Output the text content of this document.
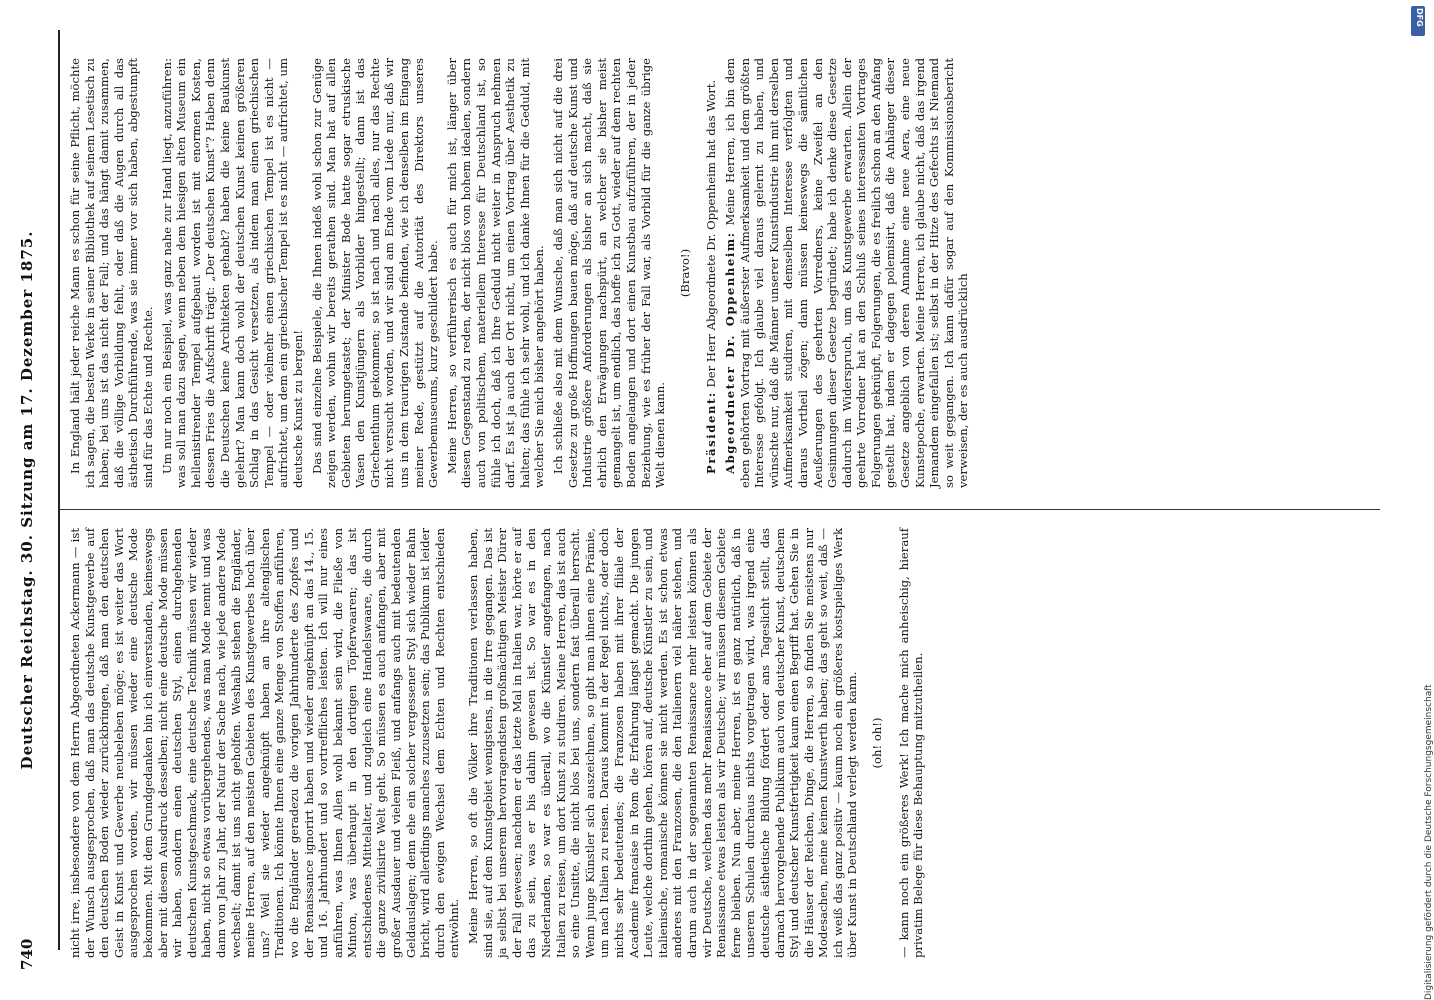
740
Deutscher Reichstag. 30. Sitzung am 17. Dezember 1875.	nicht irre, insbesondere von dem Herrn Abgeordneten Ackermann — ist der Wunsch ausgesprochen, daß man das deutsche Kunstgewerbe auf den deutschen Boden wieder zurückbringen, daß man den deutschen Geist in Kunst und Gewerbe neubeleben möge; es ist weiter das Wort ausgesprochen worden, wir müssen wieder eine deutsche Mode bekommen. Mit dem Grundgedanken bin ich einverstanden, keineswegs aber mit diesem Ausdruck desselben; nicht eine deutsche Mode müssen wir haben, sondern einen deutschen Styl, einen durchgehenden deutschen Kunstgeschmack, eine deutsche Technik müssen wir wieder haben, nicht so etwas vorübergehendes, was man Mode nennt und was dann von Jahr zu Jahr, der Natur der Sache nach, wie jede andere Mode wechselt; damit ist uns nicht geholfen. Weshalb stehen die Engländer, meine Herren, auf den meisten Gebieten des Kunstgewerbes hoch über uns? Weil sie wieder angeknüpft haben an ihre altenglischen Traditionen. Ich könnte Ihnen eine ganze Menge von Stoffen anführen, wo die Engländer geradezu die vorigen Jahrhunderte des Zopfes und der Renaissance ignorirt haben und wieder angeknüpft an das 14., 15. und 16. Jahrhundert und so vortreffliches leisten. Ich will nur eines anführen, was Ihnen Allen wohl bekannt sein wird, die Fließe von Minton, was überhaupt in den dortigen Töpferwaaren; das ist entschiedenes Mittelalter, und zugleich eine Handelswaare, die durch die ganze zivilisirte Welt geht. So müssen es auch anfangen, aber mit großer Ausdauer und vielem Fleiß, und anfangs auch mit bedeutenden Geldauslagen; denn ehe ein solcher vergessener Styl sich wieder Bahn bricht, wird allerdings manches zuzusetzen sein; das Publikum ist leider durch den ewigen Wechsel dem Echten und Rechten entschieden entwöhnt. Meine Herren, so oft die Völker ihre Traditionen verlassen haben, sind sie, auf dem Kunstgebiet wenigstens, in die Irre gegangen. Das ist ja selbst bei unserem hervorragendsten großmächtigen Meister Dürer der Fall gewesen; nachdem er das letzte Mal in Italien war, hörte er auf das zu sein, was er bis dahin gewesen ist. So war es in den Niederlanden, so war es überall, wo die Künstler angefangen, nach Italien zu reisen, um dort Kunst zu studiren. Meine Herren, das ist auch so eine Unsitte, die nicht blos bei uns, sondern fast überall herrscht. Wenn junge Künstler sich auszeichnen, so gibt man ihnen eine Prämie, um nach Italien zu reisen. Daraus kommt in der Regel nichts, oder doch nichts sehr bedeutendes; die Franzosen haben mit ihrer filiale der Academie francaise in Rom die Erfahrung längst gemacht. Die jungen Leute, welche dorthin gehen, hören auf, deutsche Künstler zu sein, und italienische, romanische können sie nicht werden. Es ist schon etwas anderes mit den Franzosen, die den Italienern viel näher stehen, und darum auch in der sogenannten Renaissance mehr leisten können als wir Deutsche, welchen das mehr Renaissance eher auf dem Gebiete der Renaissance etwas leisten als wir Deutsche; wir müssen diesem Gebiete ferne bleiben. Nun aber, meine Herren, ist es ganz natürlich, daß in unseren Schulen durchaus nichts vorgetragen wird, was irgend eine deutsche ästhetische Bildung fördert oder ans Tageslicht stellt, das darnach hervorgehende Publikum auch von deutscher Kunst, deutschem Styl und deutscher Kunstfertigkeit kaum einen Begriff hat. Gehen Sie in die Häuser der Reichen, Dinge, die Herren, so finden Sie meistens nur Modesachen, meine keinen Kunstwerth haben; das geht so weit, daß — ich weiß das ganz positiv — kaum noch ein größeres kostspieliges Werk über Kunst in Deutschland verlegt werden kann. (oh! oh!) — kann noch ein größeres Werk! Ich mache mich anheischig, hierauf privatim Belege für diese Behauptung mitzutheilen.

In England hält jeder reiche Mann es schon für seine Pflicht, möchte ich sagen, die besten Werke in seiner Bibliothek auf seinem Lesetisch zu haben; bei uns ist das nicht der Fall; und das hängt damit zusammen, daß die völlige Vorbildung fehlt, oder daß die Augen durch all das ästhetisch Durchführende, was sie immer vor sich haben, abgestumpft sind für das Echte und Rechte. Um nur noch ein Beispiel, was ganz nahe zur Hand liegt, anzuführen: was soll man dazu sagen, wenn neben dem hiesigen alten Museum ein hellenistirender Tempel aufgebaut worden ist mit enormen Kosten, dessen Fries die Aufschrift trägt: „Der deutschen Kunst“? Haben denn die Deutschen keine Architekten gehabt? haben die keine Baukunst gelehrt? Man kann doch wohl der deutschen Kunst keinen größeren Schlag in das Gesicht versetzen, als indem man einen griechischen Tempel — oder vielmehr einen griechischen Tempel ist es nicht — aufrichtet, um dem ein griechischer Tempel ist es nicht — aufrichtet, um deutsche Kunst zu bergen! Das sind einzelne Beispiele, die Ihnen indeß wohl schon zur Genüge zeigen werden, wohin wir bereits gerathen sind. Man hat auf allen Gebieten herumgetastet; der Minister Bode hatte sogar etruskische Vasen den Kunstjüngern als Vorbilder hingestellt; dann ist das Griechenthum gekommen; so ist nach und nach alles, nur das Rechte nicht versucht worden, und wir sind am Ende vom Liede nur, daß wir uns in dem traurigen Zustande befinden, wie ich denselben im Eingang meiner Rede, gestützt auf die Autorität des Direktors unseres Gewerbemuseums, kurz geschildert habe. Meine Herren, so verführerisch es auch für mich ist, länger über diesen Gegenstand zu reden, der nicht blos von hohem idealen, sondern auch von politischem, materiellem Interesse für Deutschland ist, so fühle ich doch, daß ich Ihre Geduld nicht weiter in Anspruch nehmen darf. Es ist ja auch der Ort nicht, um einen Vortrag über Aesthetik zu halten; das fühle ich sehr wohl, und ich danke Ihnen für die Geduld, mit welcher Sie mich bisher angehört haben. Ich schließe also mit dem Wunsche, daß man sich nicht auf die drei Gesetze zu große Hoffnungen bauen möge, daß auf deutsche Kunst und Industrie größere Anforderungen als bisher an sich macht, daß sie ehrlich den Erwägungen nachspürt, an welcher sie bisher meist gemangelt ist, um endlich, das hoffe ich zu Gott, wieder auf dem rechten Boden angelangen und dort einen Kunstbau aufzuführen, der in jeder Beziehung, wie es früher der Fall war, als Vorbild für die ganze übrige Welt dienen kann.

(Bravo!)

Präsident: Der Herr Abgeordnete Dr. Oppenheim hat das Wort. Abgeordneter Dr. Oppenheim: Meine Herren, ich bin dem eben gehörten Vortrag mit äußerster Aufmerksamkeit und dem größten Interesse gefolgt. Ich glaube viel daraus gelernt zu haben, und wünschte nur, daß die Männer unserer Kunstindustrie ihn mit derselben Aufmerksamkeit studiren, mit demselben Interesse verfolgten und daraus Vortheil zögen; dann müssen keineswegs die sämtlichen Aeußerungen des geehrten Vorredners, keine Zweifel an den Gesinnungen dieser Gesetze begründet; habe ich denke diese Gesetze dadurch im Widerspruch, um das Kunstgewerbe erwarten. Allein der geehrte Vorredner hat an den Schluß seines interessanten Vortrages Folgerungen geknüpft, Folgerungen, die es freilich schon an den Anfang gestellt hat, indem er dagegen polemisirt, daß die Anhänger dieser Gesetze angeblich von deren Annahme eine neue Aera, eine neue Kunstepoche, erwarten. Meine Herren, ich glaube nicht, daß das irgend Jemandem eingefallen ist; selbst in der Hitze des Gefechts ist Niemand so weit gegangen. Ich kann dafür sogar auf den Kommissionsbericht verweisen, der es auch ausdrücklich

Digitalisierung gefördert durch die Deutsche Forschungsgemeinschaft
DFG
